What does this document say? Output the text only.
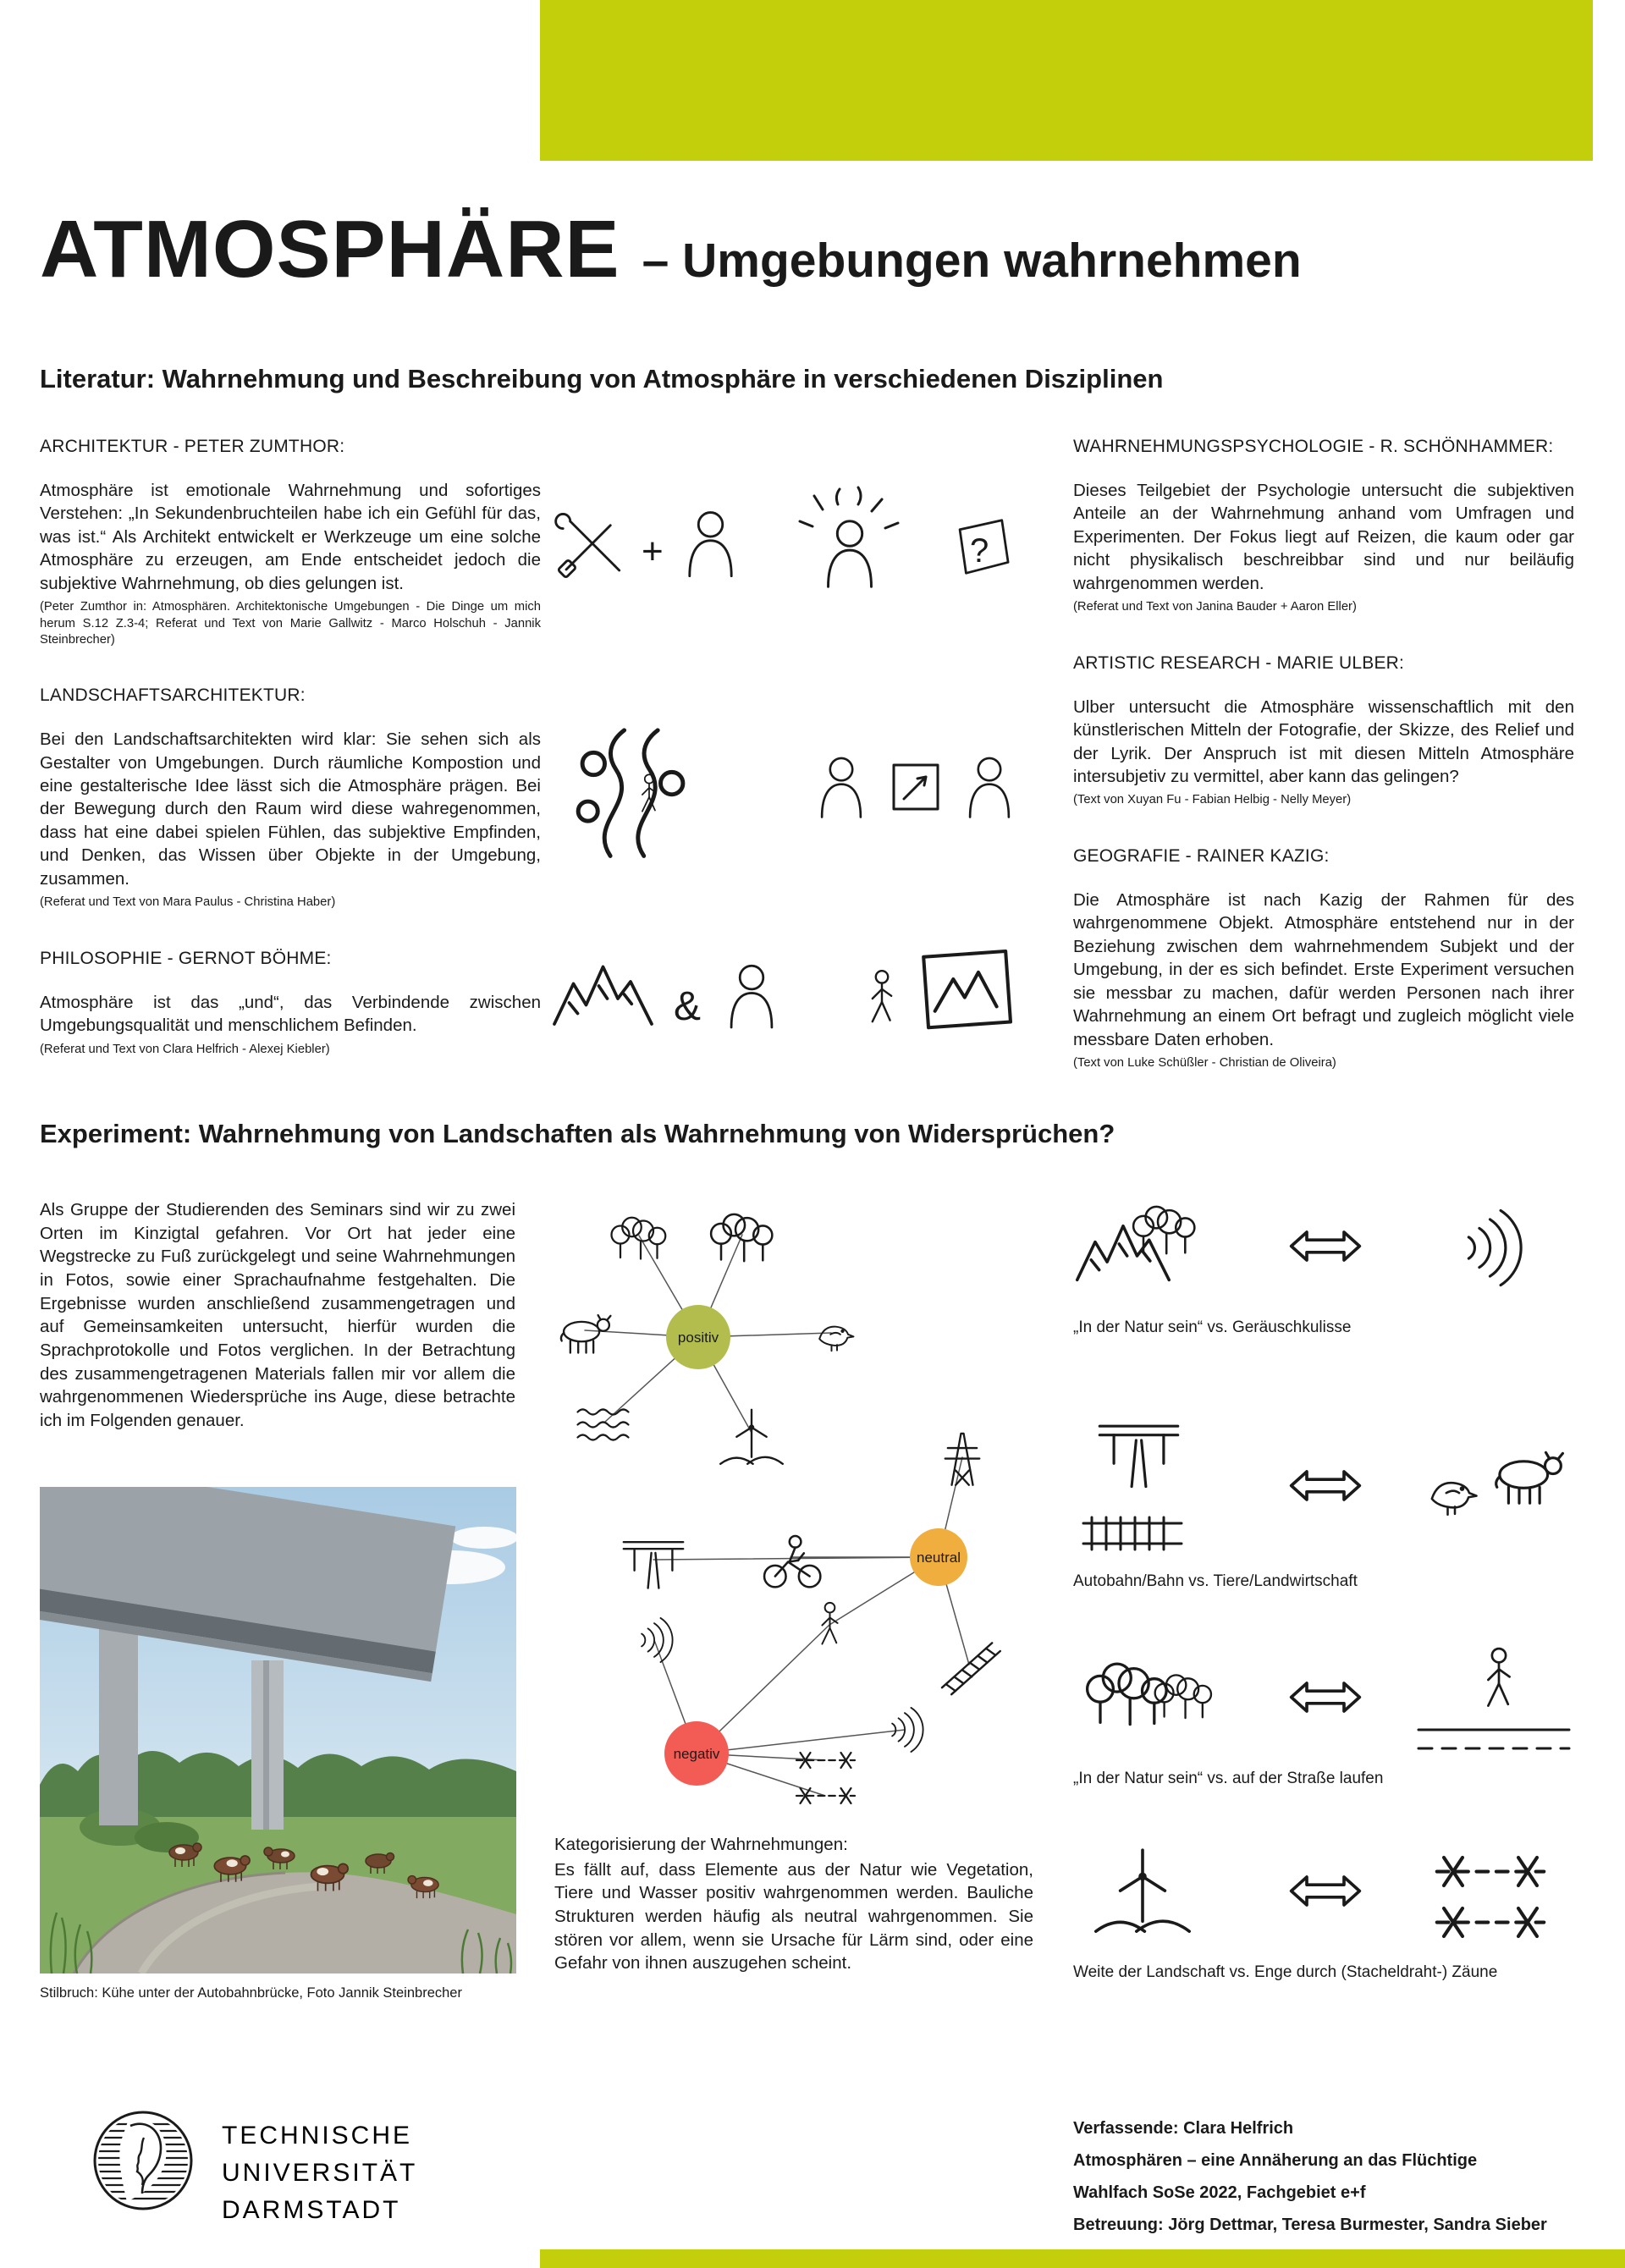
ATMOSPHÄRE – Umgebungen wahrnehmen
Literatur: Wahrnehmung und Beschreibung von Atmosphäre in verschiedenen Disziplinen

ARCHITEKTUR - PETER ZUMTHOR:

Atmosphäre ist emotionale Wahrnehmung und sofortiges Verstehen: „In Sekundenbruchteilen habe ich ein Gefühl für das, was ist.“ Als Architekt entwickelt er Werkzeuge um eine solche Atmosphäre zu erzeugen, am Ende entscheidet jedoch die subjektive Wahrnehmung, ob dies gelungen ist.

(Peter Zumthor in: Atmosphären. Architektonische Umgebungen - Die Dinge um mich herum S.12 Z.3-4; Referat und Text von Marie Gallwitz - Marco Holschuh - Jannik Steinbrecher)

LANDSCHAFTSARCHITEKTUR:

Bei den Landschaftsarchitekten wird klar: Sie sehen sich als Gestalter von Umgebungen. Durch räumliche Kompostion und eine gestalterische Idee lässt sich die Atmosphäre prägen. Bei der Bewegung durch den Raum wird diese wahregenommen, dass hat eine dabei spielen Fühlen, das subjektive Empfinden, und Denken, das Wissen über Objekte in der Umgebung, zusammen.

(Referat und Text von Mara Paulus - Christina Haber)

PHILOSOPHIE - GERNOT BÖHME:

Atmosphäre ist das „und“, das Verbindende zwischen Umgebungsqualität und menschlichem Befinden.

(Referat und Text von Clara Helfrich - Alexej Kiebler)

WAHRNEHMUNGSPSYCHOLOGIE - R. SCHÖNHAMMER:

Dieses Teilgebiet der Psychologie untersucht die subjektiven Anteile an der Wahrnehmung anhand vom Umfragen und Experimenten. Der Fokus liegt auf Reizen, die kaum oder gar nicht physikalisch beschreibbar sind und nur beiläufig wahrgenommen werden.

(Referat und Text von Janina Bauder + Aaron Eller)

ARTISTIC RESEARCH - MARIE ULBER:

Ulber untersucht die Atmosphäre wissenschaftlich mit den künstlerischen Mitteln der Fotografie, der Skizze, des Relief und der Lyrik. Der Anspruch ist mit diesen Mitteln Atmosphäre intersubjetiv zu vermittel, aber kann das gelingen?

(Text von Xuyan Fu - Fabian Helbig - Nelly Meyer)

GEOGRAFIE - RAINER KAZIG:

Die Atmosphäre ist nach Kazig der Rahmen für des wahrgenommene Objekt. Atmosphäre entstehend nur in der Beziehung zwischen dem wahrnehmendem Subjekt und der Umgebung, in der es sich befindet. Erste Experiment versuchen sie messbar zu machen, dafür werden Personen nach ihrer Wahrnehmung an einem Ort befragt und zugleich möglicht viele messbare Daten erhoben.

(Text von Luke Schüßler - Christian de Oliveira)

+	?
&
Experiment: Wahrnehmung von Landschaften als Wahrnehmung von Widersprüchen?

Als Gruppe der Studierenden des Seminars sind wir zu zwei Orten im Kinzigtal gefahren. Vor Ort hat jeder eine Wegstrecke zu Fuß zurückgelegt und seine Wahrnehmungen in Fotos, sowie einer Sprachaufnahme festgehalten. Die Ergebnisse wurden anschließend zusammengetragen und auf Gemeinsamkeiten untersucht, hierfür wurden die Sprachprotokolle und Fotos verglichen. In der Betrachtung des zusammengetragenen Materials fallen mir vor allem die wahrgenommenen Wiedersprüche ins Auge, diese betrachte ich im Folgenden genauer.

Stilbruch: Kühe unter der Autobahnbrücke, Foto Jannik Steinbrecher
positiv
neutral
negativ

Kategorisierung der Wahrnehmungen:

Es fällt auf, dass Elemente aus der Natur wie Vegetation, Tiere und Wasser positiv wahrgenommen werden. Bauliche Strukturen werden häufig als neutral wahrgenommen. Sie stören vor allem, wenn sie Ursache für Lärm sind, oder eine Gefahr von ihnen auszugehen scheint.

„In der Natur sein“ vs. Geräuschkulisse
Autobahn/Bahn vs. Tiere/Landwirtschaft
„In der Natur sein“ vs. auf der Straße laufen
Weite der Landschaft vs. Enge durch (Stacheldraht-) Zäune
TECHNISCHE
UNIVERSITÄT
DARMSTADT
Verfassende: Clara Helfrich
Atmosphären – eine Annäherung an das Flüchtige
Wahlfach SoSe 2022, Fachgebiet e+f
Betreuung: Jörg Dettmar, Teresa Burmester, Sandra Sieber
